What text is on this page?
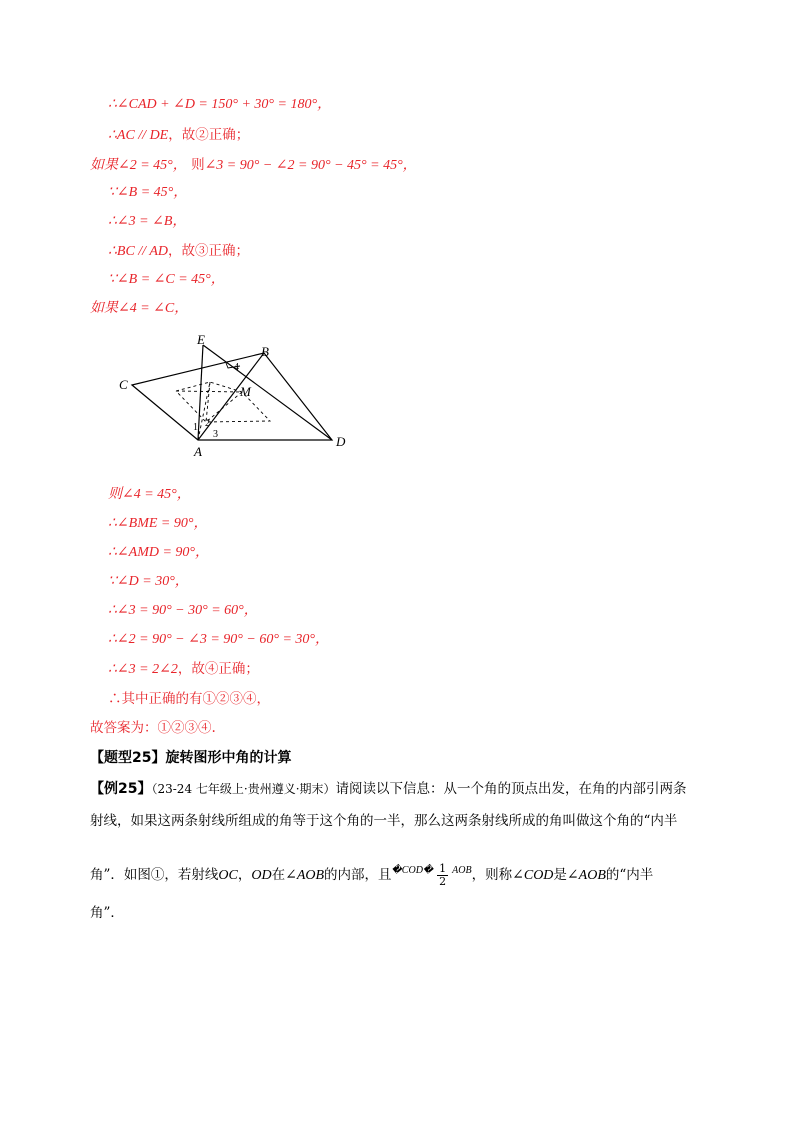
∴∠CAD + ∠D = 150° + 30° = 180°，
∴AC // DE，故②正确；
如果∠2 = 45°， 则∠3 = 90° − ∠2 = 90° − 45° = 45°，
∵∠B = 45°，
∴∠3 = ∠B，
∴BC // AD，故③正确；
∵∠B = ∠C = 45°，
如果∠4 = ∠C，
E
B
C	M
A
D
1 2
3
4
则∠4 = 45°，
∴∠BME = 90°，
∴∠AMD = 90°，
∵∠D = 30°，
∴∠3 = 90° − 30° = 60°，
∴∠2 = 90° − ∠3 = 90° − 60° = 30°，
∴∠3 = 2∠2，故④正确；
∴其中正确的有①②③④，
故答案为：①②③④.
【题型25】旋转图形中角的计算
【例25】（23-24 七年级上·贵州遵义·期末）请阅读以下信息：从一个角的顶点出发，在角的内部引两条
射线，如果这两条射线所组成的角等于这个角的一半，那么这两条射线所成的角叫做这个角的“内半
角”．如图①，若射线OC，OD在∠AOB的内部，且$^{�COD�} \frac{1}{2} ^{AOB}$，则称∠COD是∠AOB的“内半
角”．
